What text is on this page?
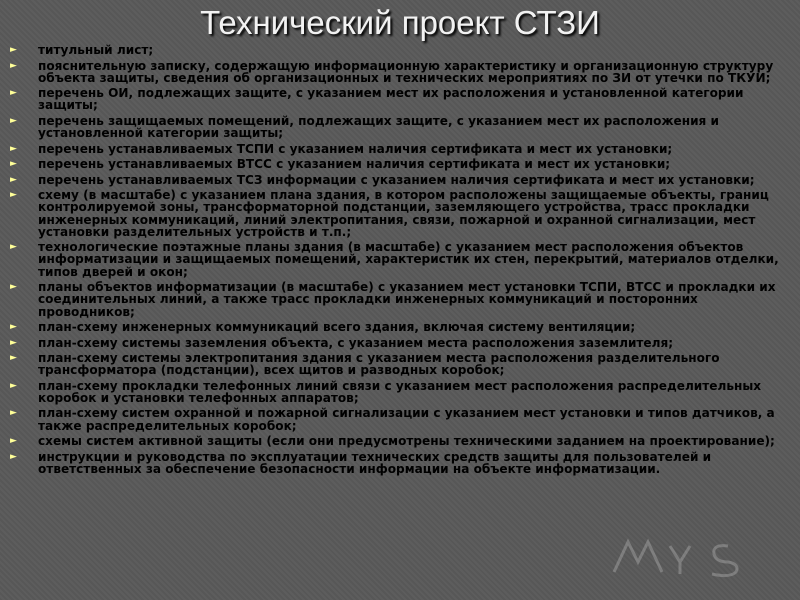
Технический проект СТЗИ
►	титульный лист;
►	пояснительную записку, содержащую информационную характеристику и организационную структуру объекта защиты, сведения об организационных и технических мероприятиях по ЗИ от утечки по ТКУИ;
►	перечень ОИ, подлежащих защите, с указанием мест их расположения и установленной категории защиты;
►	перечень защищаемых помещений, подлежащих защите, с указанием мест их расположения и установленной категории защиты;
►	перечень устанавливаемых ТСПИ с указанием наличия сертификата и мест их установки;
►	перечень устанавливаемых ВТСС с указанием наличия сертификата и мест их установки;
►	перечень устанавливаемых ТСЗ информации с указанием наличия сертификата и мест их установки;
►	схему (в масштабе) с указанием плана здания, в котором расположены защищаемые объекты, границ контролируемой зоны, трансформаторной подстанции, заземляющего устройства, трасс прокладки инженерных коммуникаций, линий электропитания, связи, пожарной и охранной сигнализации, мест установки разделительных устройств и т.п.;
►	технологические поэтажные планы здания (в масштабе) с указанием мест расположения объектов информатизации и защищаемых помещений, характеристик их стен, перекрытий, материалов отделки, типов дверей и окон;
►	планы объектов информатизации (в масштабе) с указанием мест установки ТСПИ, ВТСС и прокладки их соединительных линий, а также трасс прокладки инженерных коммуникаций и посторонних проводников;
►	план-схему инженерных коммуникаций всего здания, включая систему вентиляции;
►	план-схему системы заземления объекта, с указанием места расположения заземлителя;
►	план-схему системы электропитания здания с указанием места расположения разделительного трансформатора (подстанции), всех щитов и разводных коробок;
►	план-схему прокладки телефонных линий связи с указанием мест расположения распределительных коробок и установки телефонных аппаратов;
►	план-схему систем охранной и пожарной сигнализации с указанием мест установки и типов датчиков, а также распределительных коробок;
►	схемы систем активной защиты (если они предусмотрены техническими заданием на проектирование);
►	инструкции и руководства по эксплуатации технических средств защиты для пользователей и ответственных за обеспечение безопасности информации на объекте информатизации.
